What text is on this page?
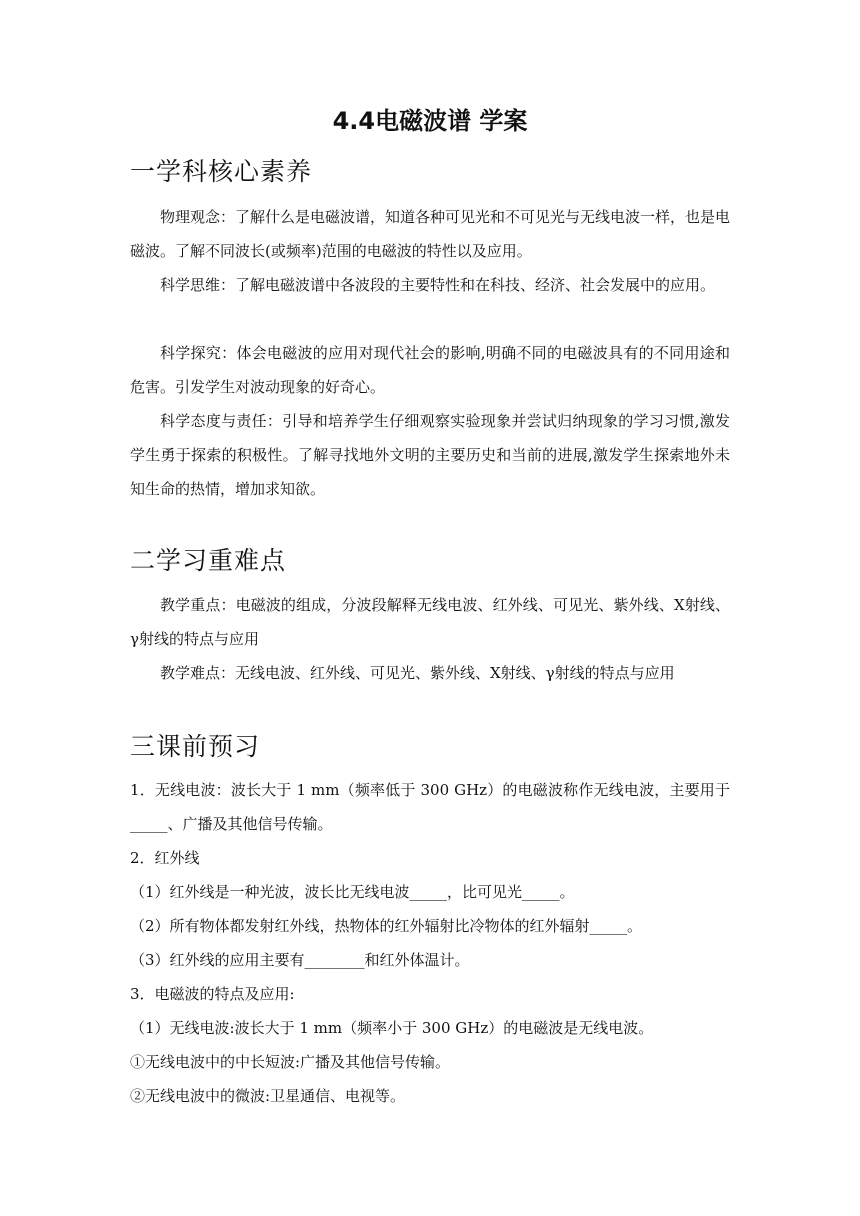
4.4电磁波谱 学案
一学科核心素养

物理观念：了解什么是电磁波谱，知道各种可见光和不可见光与无线电波一样，也是电磁波。了解不同波长(或频率)范围的电磁波的特性以及应用。

科学思维：了解电磁波谱中各波段的主要特性和在科技、经济、社会发展中的应用。

科学探究：体会电磁波的应用对现代社会的影响,明确不同的电磁波具有的不同用途和危害。引发学生对波动现象的好奇心。

科学态度与责任：引导和培养学生仔细观察实验现象并尝试归纳现象的学习习惯,激发学生勇于探索的积极性。了解寻找地外文明的主要历史和当前的进展,激发学生探索地外未知生命的热情，增加求知欲。

二学习重难点

教学重点：电磁波的组成，分波段解释无线电波、红外线、可见光、紫外线、X射线、γ射线的特点与应用

教学难点：无线电波、红外线、可见光、紫外线、X射线、γ射线的特点与应用

三课前预习

1．无线电波：波长大于 1 mm（频率低于 300 GHz）的电磁波称作无线电波，主要用于_____、广播及其他信号传输。

2．红外线

（1）红外线是一种光波，波长比无线电波_____，比可见光_____。

（2）所有物体都发射红外线，热物体的红外辐射比冷物体的红外辐射_____。

（3）红外线的应用主要有________和红外体温计。

3．电磁波的特点及应用:

（1）无线电波:波长大于 1 mm（频率小于 300 GHz）的电磁波是无线电波。

①无线电波中的中长短波:广播及其他信号传输。

②无线电波中的微波:卫星通信、电视等。
